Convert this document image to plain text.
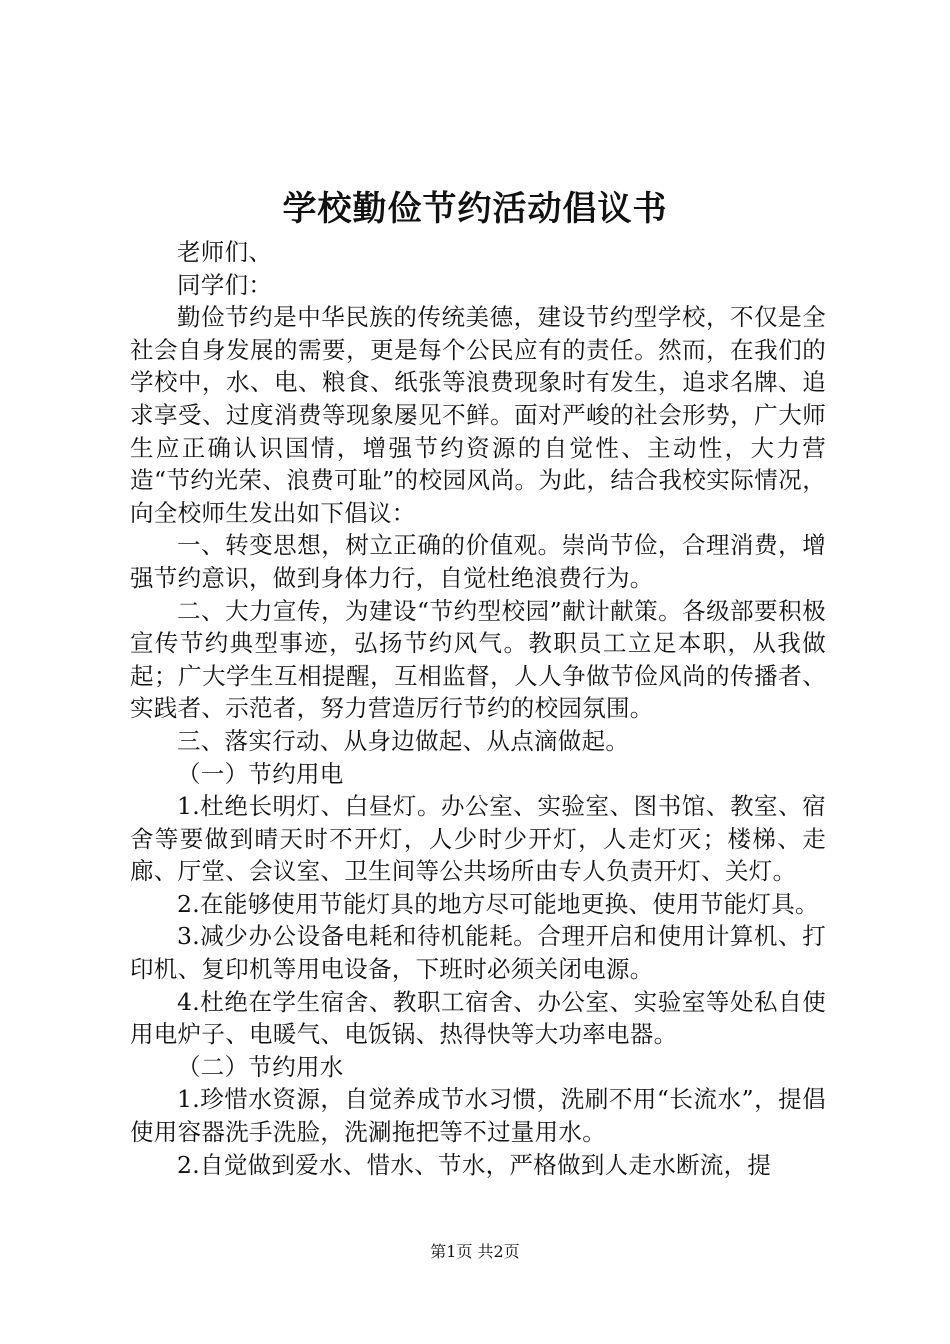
学校勤俭节约活动倡议书

老师们、

同学们：

勤俭节约是中华民族的传统美德，建设节约型学校，不仅是全社会自身发展的需要，更是每个公民应有的责任。然而，在我们的学校中，水、电、粮食、纸张等浪费现象时有发生，追求名牌、追求享受、过度消费等现象屡见不鲜。面对严峻的社会形势，广大师生应正确认识国情，增强节约资源的自觉性、主动性，大力营造“节约光荣、浪费可耻”的校园风尚。为此，结合我校实际情况，向全校师生发出如下倡议：

一、转变思想，树立正确的价值观。崇尚节俭，合理消费，增强节约意识，做到身体力行，自觉杜绝浪费行为。

二、大力宣传，为建设“节约型校园”献计献策。各级部要积极宣传节约典型事迹，弘扬节约风气。教职员工立足本职，从我做起；广大学生互相提醒，互相监督，人人争做节俭风尚的传播者、实践者、示范者，努力营造厉行节约的校园氛围。

三、落实行动、从身边做起、从点滴做起。

（一）节约用电

1.杜绝长明灯、白昼灯。办公室、实验室、图书馆、教室、宿舍等要做到晴天时不开灯，人少时少开灯，人走灯灭；楼梯、走廊、厅堂、会议室、卫生间等公共场所由专人负责开灯、关灯。

2.在能够使用节能灯具的地方尽可能地更换、使用节能灯具。

3.减少办公设备电耗和待机能耗。合理开启和使用计算机、打印机、复印机等用电设备，下班时必须关闭电源。

4.杜绝在学生宿舍、教职工宿舍、办公室、实验室等处私自使用电炉子、电暖气、电饭锅、热得快等大功率电器。

（二）节约用水

1.珍惜水资源，自觉养成节水习惯，洗刷不用“长流水”，提倡使用容器洗手洗脸，洗涮拖把等不过量用水。

2.自觉做到爱水、惜水、节水，严格做到人走水断流，提

第1页 共2页
